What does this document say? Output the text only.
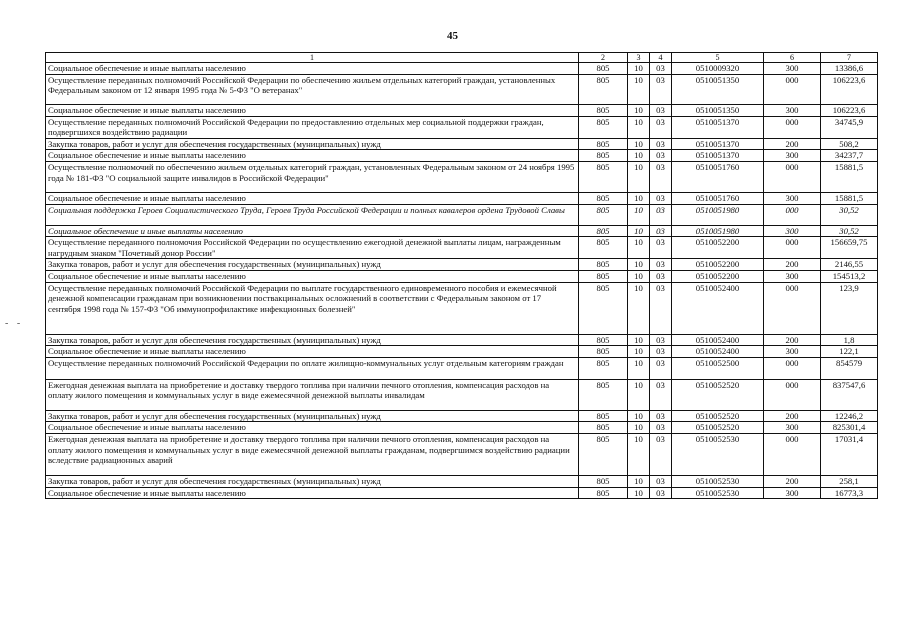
45
- -
1	2	3	4	5	6	7
Социальное обеспечение и иные выплаты населению	805	10	03	0510009320	300	13386,6
Осуществление переданных полномочий Российской Федерации по обеспечению жильем отдельных категорий граждан, установленных Федеральным законом от 12 января 1995 года № 5-ФЗ "О ветеранах"	805	10	03	0510051350	000	106223,6
Социальное обеспечение и иные выплаты населению	805	10	03	0510051350	300	106223,6
Осуществление переданных полномочий Российской Федерации по предоставлению отдельных мер социальной поддержки граждан, подвергшихся воздействию радиации	805	10	03	0510051370	000	34745,9
Закупка товаров, работ и услуг для обеспечения государственных (муниципальных) нужд	805	10	03	0510051370	200	508,2
Социальное обеспечение и иные выплаты населению	805	10	03	0510051370	300	34237,7
Осуществление полномочий по обеспечению жильем отдельных категорий граждан, установленных Федеральным законом от 24 ноября 1995 года № 181-ФЗ "О социальной защите инвалидов в Российской Федерации"	805	10	03	0510051760	000	15881,5
Социальное обеспечение и иные выплаты населению	805	10	03	0510051760	300	15881,5
Социальная поддержка Героев Социалистического Труда, Героев Труда Российской Федерации и полных кавалеров ордена Трудовой Славы	805	10	03	0510051980	000	30,52
Социальное обеспечение и иные выплаты населению	805	10	03	0510051980	300	30,52
Осуществление переданного полномочия Российской Федерации по осуществлению ежегодной денежной выплаты лицам, награжденным нагрудным знаком "Почетный донор России"	805	10	03	0510052200	000	156659,75
Закупка товаров, работ и услуг для обеспечения государственных (муниципальных) нужд	805	10	03	0510052200	200	2146,55
Социальное обеспечение и иные выплаты населению	805	10	03	0510052200	300	154513,2
Осуществление переданных полномочий Российской Федерации по выплате государственного единовременного пособия и ежемесячной денежной компенсации гражданам при возникновении поствакцинальных осложнений в соответствии с Федеральным законом от 17 сентября 1998 года № 157-ФЗ "Об иммунопрофилактике инфекционных болезней"	805	10	03	0510052400	000	123,9
Закупка товаров, работ и услуг для обеспечения государственных (муниципальных) нужд	805	10	03	0510052400	200	1,8
Социальное обеспечение и иные выплаты населению	805	10	03	0510052400	300	122,1
Осуществление переданных полномочий Российской Федерации по оплате жилищно-коммунальных услуг отдельным категориям граждан	805	10	03	0510052500	000	854579
Ежегодная денежная выплата на приобретение и доставку твердого топлива при наличии печного отопления, компенсация расходов на оплату жилого помещения и коммунальных услуг в виде ежемесячной денежной выплаты инвалидам	805	10	03	0510052520	000	837547,6
Закупка товаров, работ и услуг для обеспечения государственных (муниципальных) нужд	805	10	03	0510052520	200	12246,2
Социальное обеспечение и иные выплаты населению	805	10	03	0510052520	300	825301,4
Ежегодная денежная выплата на приобретение и доставку твердого топлива при наличии печного отопления, компенсация расходов на оплату жилого помещения и коммунальных услуг в виде ежемесячной денежной выплаты гражданам, подвергшимся воздействию радиации вследствие радиационных аварий	805	10	03	0510052530	000	17031,4
Закупка товаров, работ и услуг для обеспечения государственных (муниципальных) нужд	805	10	03	0510052530	200	258,1
Социальное обеспечение и иные выплаты населению	805	10	03	0510052530	300	16773,3
